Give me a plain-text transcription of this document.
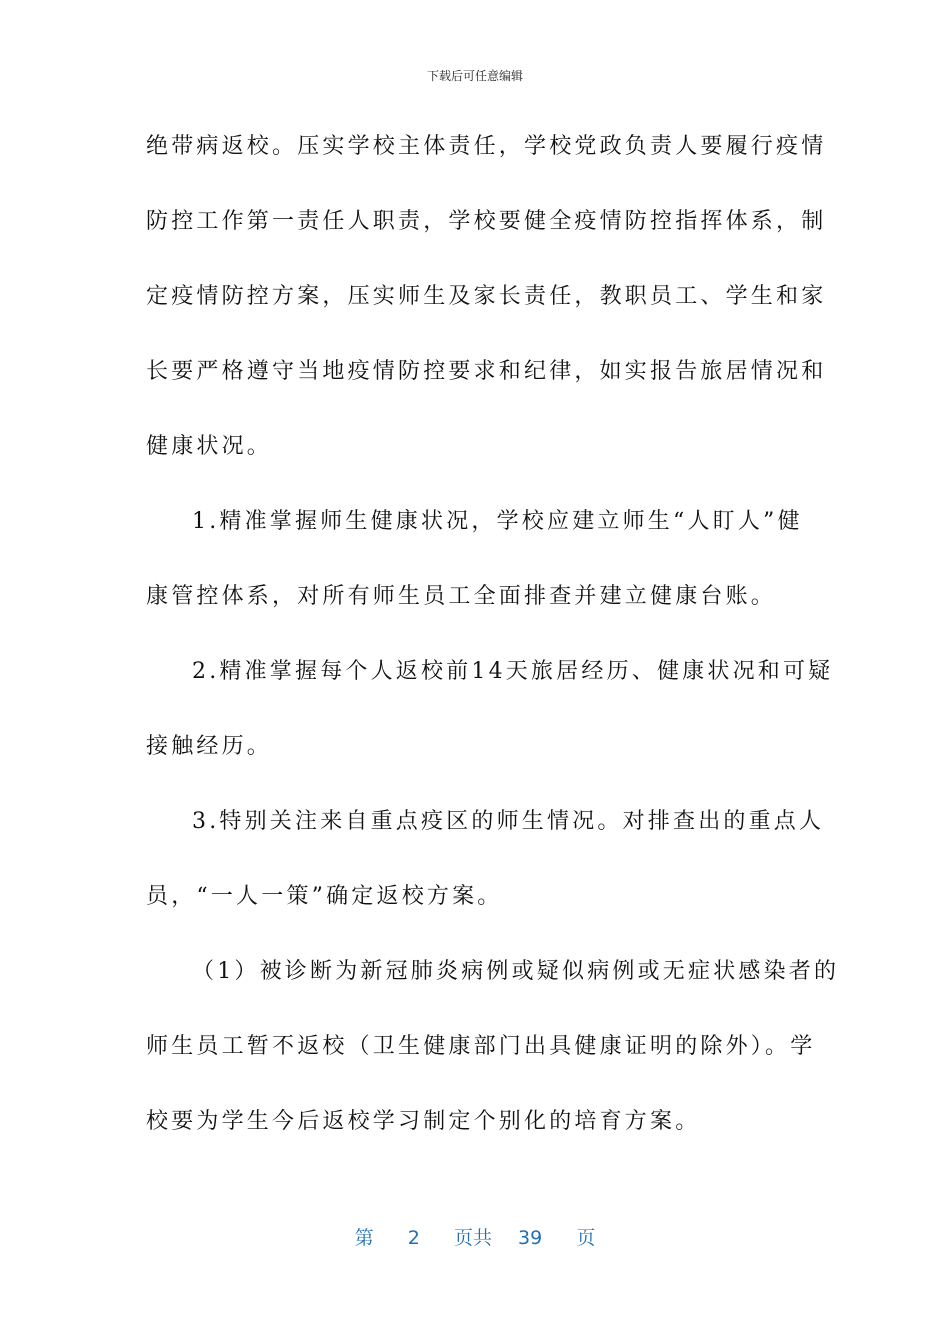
下载后可任意编辑
绝带病返校。压实学校主体责任，学校党政负责人要履行疫情
防控工作第一责任人职责，学校要健全疫情防控指挥体系，制
定疫情防控方案，压实师生及家长责任，教职员工、学生和家
长要严格遵守当地疫情防控要求和纪律，如实报告旅居情况和
健康状况。
1.精准掌握师生健康状况，学校应建立师生“人盯人”健
康管控体系，对所有师生员工全面排查并建立健康台账。
2.精准掌握每个人返校前14天旅居经历、健康状况和可疑
接触经历。
3.特别关注来自重点疫区的师生情况。对排查出的重点人
员，“一人一策”确定返校方案。
（1）被诊断为新冠肺炎病例或疑似病例或无症状感染者的
师生员工暂不返校（卫生健康部门出具健康证明的除外）。学
校要为学生今后返校学习制定个别化的培育方案。
第 2 页共 39 页
